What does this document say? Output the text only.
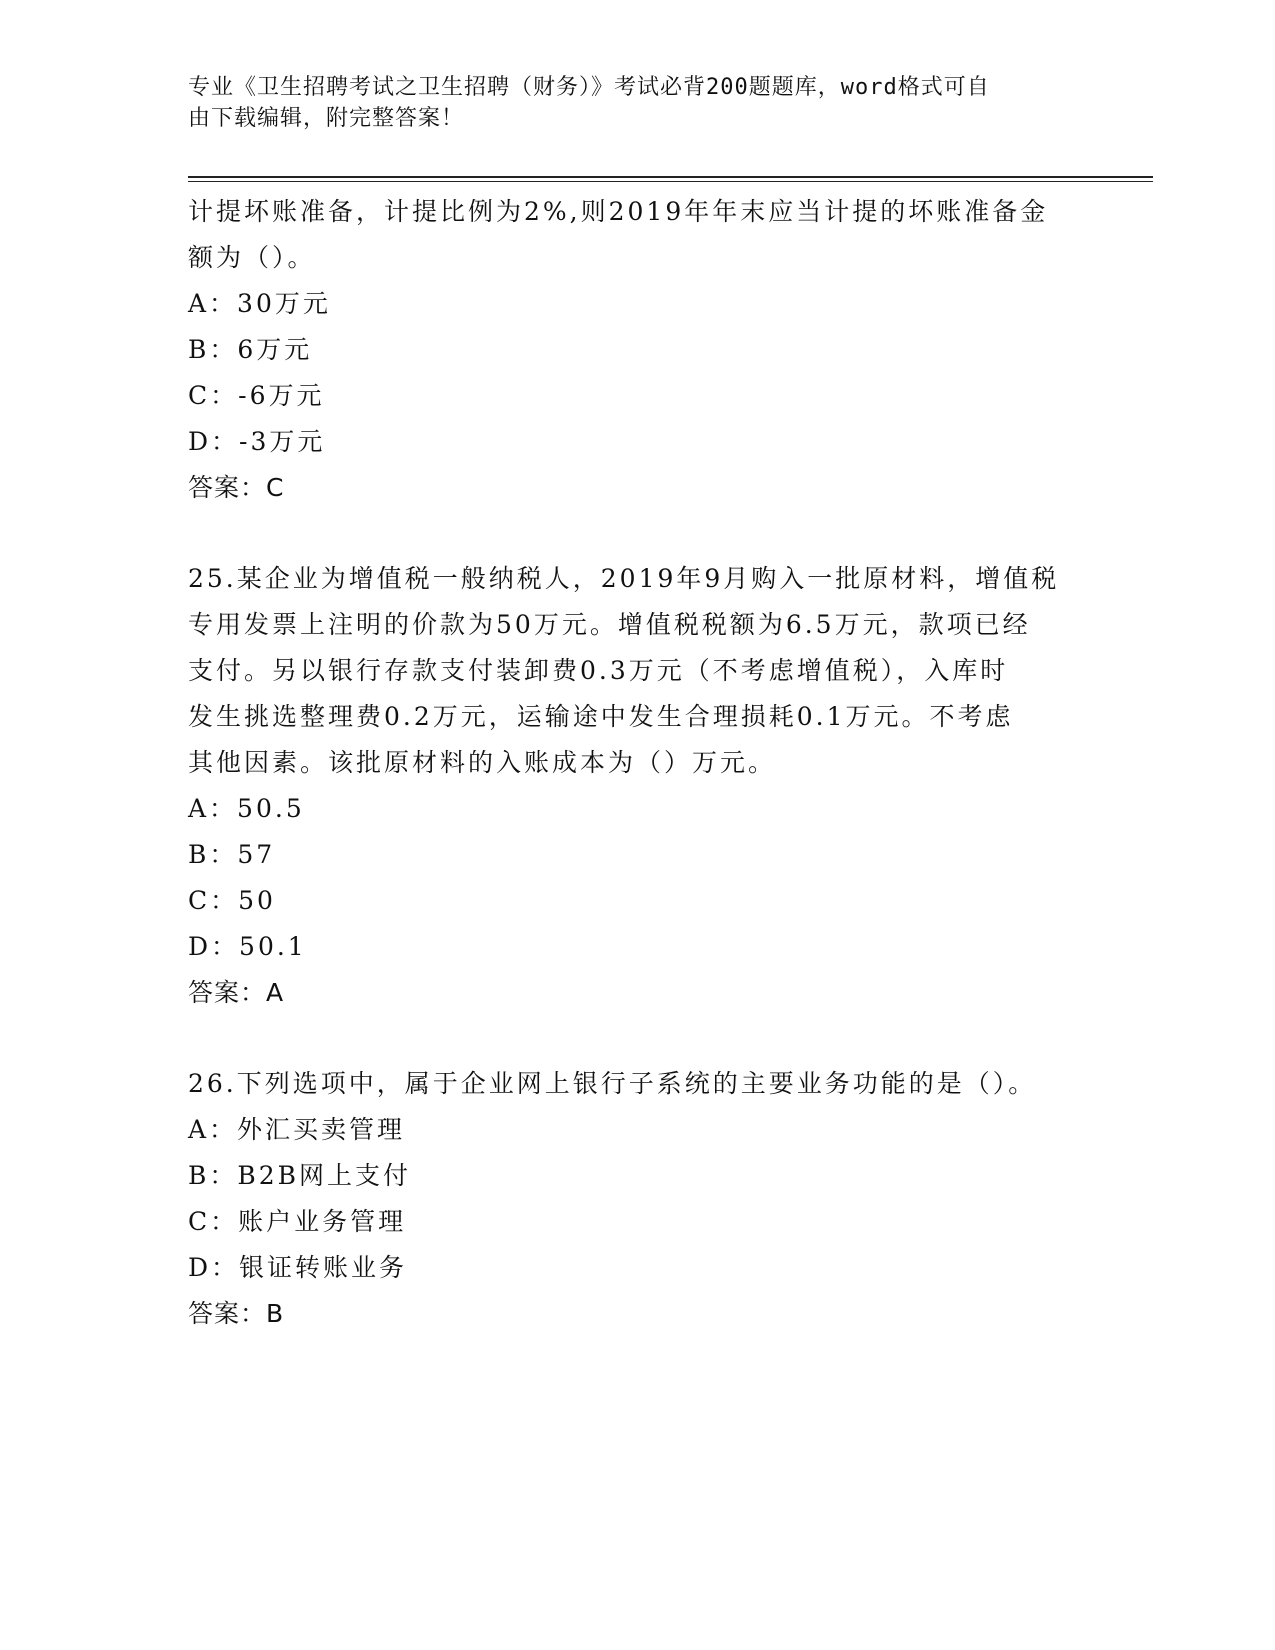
专业《卫生招聘考试之卫生招聘（财务）》考试必背200题题库，word格式可自
由下载编辑，附完整答案！
计提坏账准备，计提比例为2%,则2019年年末应当计提的坏账准备金
额为（）。
A：30万元
B：6万元
C：-6万元
D：-3万元
答案：C
25.某企业为增值税一般纳税人，2019年9月购入一批原材料，增值税
专用发票上注明的价款为50万元。增值税税额为6.5万元，款项已经
支付。另以银行存款支付装卸费0.3万元（不考虑增值税），入库时
发生挑选整理费0.2万元，运输途中发生合理损耗0.1万元。不考虑
其他因素。该批原材料的入账成本为（）万元。
A：50.5
B：57
C：50
D：50.1
答案：A
26.下列选项中，属于企业网上银行子系统的主要业务功能的是（）。
A：外汇买卖管理
B：B2B网上支付
C：账户业务管理
D：银证转账业务
答案：B
